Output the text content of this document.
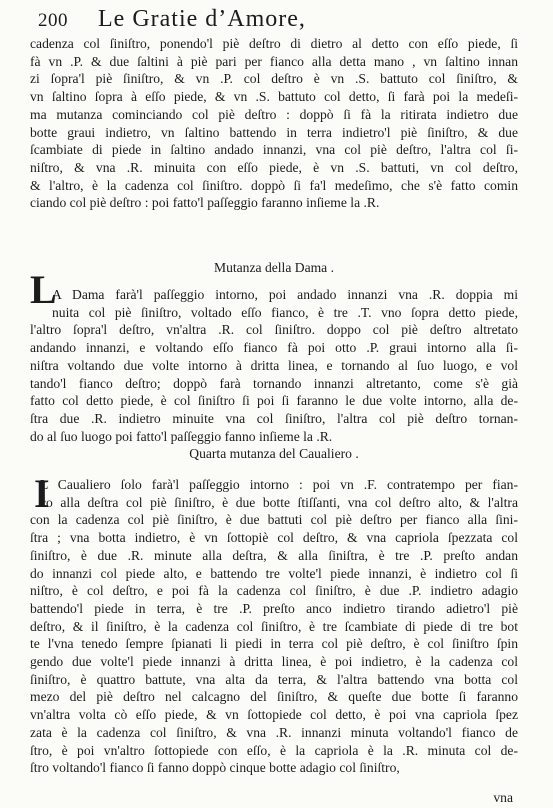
200 Le Gratie d’Amore,
cadenza col ſiniſtro, ponendo'l piè deſtro di dietro al detto con eſſo piede, ſi
fà vn .P. & due ſaltini à piè pari per fianco alla detta mano , vn ſaltino innan
zi ſopra'l piè ſiniſtro, & vn .P. col deſtro è vn .S. battuto col ſiniſtro, &
vn ſaltino ſopra à eſſo piede, & vn .S. battuto col detto, ſi farà poi la medeſi-
ma mutanza cominciando col piè deſtro : doppò ſi fà la ritirata indietro due
botte graui indietro, vn ſaltino battendo in terra indietro'l piè ſiniſtro, & due
ſcambiate di piede in ſaltino andado innanzi, vna col piè deſtro, l'altra col ſi-
niſtro, & vna .R. minuita con eſſo piede, è vn .S. battuti, vn col deſtro,
& l'altro, è la cadenza col ſiniſtro. doppò ſi fa'l medeſimo, che s'è fatto comin
ciando col piè deſtro : poi fatto'l paſſeggio faranno inſieme la .R.
Mutanza della Dama .
L
A Dama farà'l paſſeggio intorno, poi andado innanzi vna .R. doppia mi
nuita col piè ſiniſtro, voltado eſſo fianco, è tre .T. vno ſopra detto piede,
l'altro ſopra'l deſtro, vn'altra .R. col ſiniſtro. doppo col piè deſtro altretato
andando innanzi, e voltando eſſo fianco fà poi otto .P. graui intorno alla ſi-
niſtra voltando due volte intorno à dritta linea, e tornando al ſuo luogo, e vol
tando'l fianco deſtro; doppò farà tornando innanzi altretanto, come s'è già
fatto col detto piede, è col ſiniſtro ſi poi ſi faranno le due volte intorno, alla de-
ſtra due .R. indietro minuite vna col ſiniſtro, l'altra col piè deſtro tornan-
do al ſuo luogo poi fatto'l paſſeggio fanno inſieme la .R.
Quarta mutanza del Caualiero .
I
L Caualiero ſolo farà'l paſſeggio intorno : poi vn .F. contratempo per fian-
co alla deſtra col piè ſiniſtro, è due botte ſtiſſanti, vna col deſtro alto, & l'altra
con la cadenza col piè ſiniſtro, è due battuti col piè deſtro per fianco alla ſini-
ſtra ; vna botta indietro, è vn ſottopiè col deſtro, & vna capriola ſpezzata col
ſiniſtro, è due .R. minute alla deſtra, & alla ſiniſtra, è tre .P. preſto andan
do innanzi col piede alto, e battendo tre volte'l piede innanzi, è indietro col ſi
niſtro, è col deſtro, e poi fà la cadenza col ſiniſtro, è due .P. indietro adagio
battendo'l piede in terra, è tre .P. preſto anco indietro tirando adietro'l piè
deſtro, & il ſiniſtro, è la cadenza col ſiniſtro, è tre ſcambiate di piede di tre bot
te l'vna tenedo ſempre ſpianati li piedi in terra col piè deſtro, è col ſiniſtro ſpin
gendo due volte'l piede innanzi à dritta linea, è poi indietro, è la cadenza col
ſiniſtro, è quattro battute, vna alta da terra, & l'altra battendo vna botta col
mezo del piè deſtro nel calcagno del ſiniſtro, & queſte due botte ſi faranno
vn'altra volta cò eſſo piede, & vn ſottopiede col detto, è poi vna capriola ſpez
zata è la cadenza col ſiniſtro, & vna .R. innanzi minuta voltando'l fianco de
ſtro, è poi vn'altro ſottopiede con eſſo, è la capriola è la .R. minuta col de-
ſtro voltando'l fianco ſi fanno doppò cinque botte adagio col ſiniſtro,
vna
